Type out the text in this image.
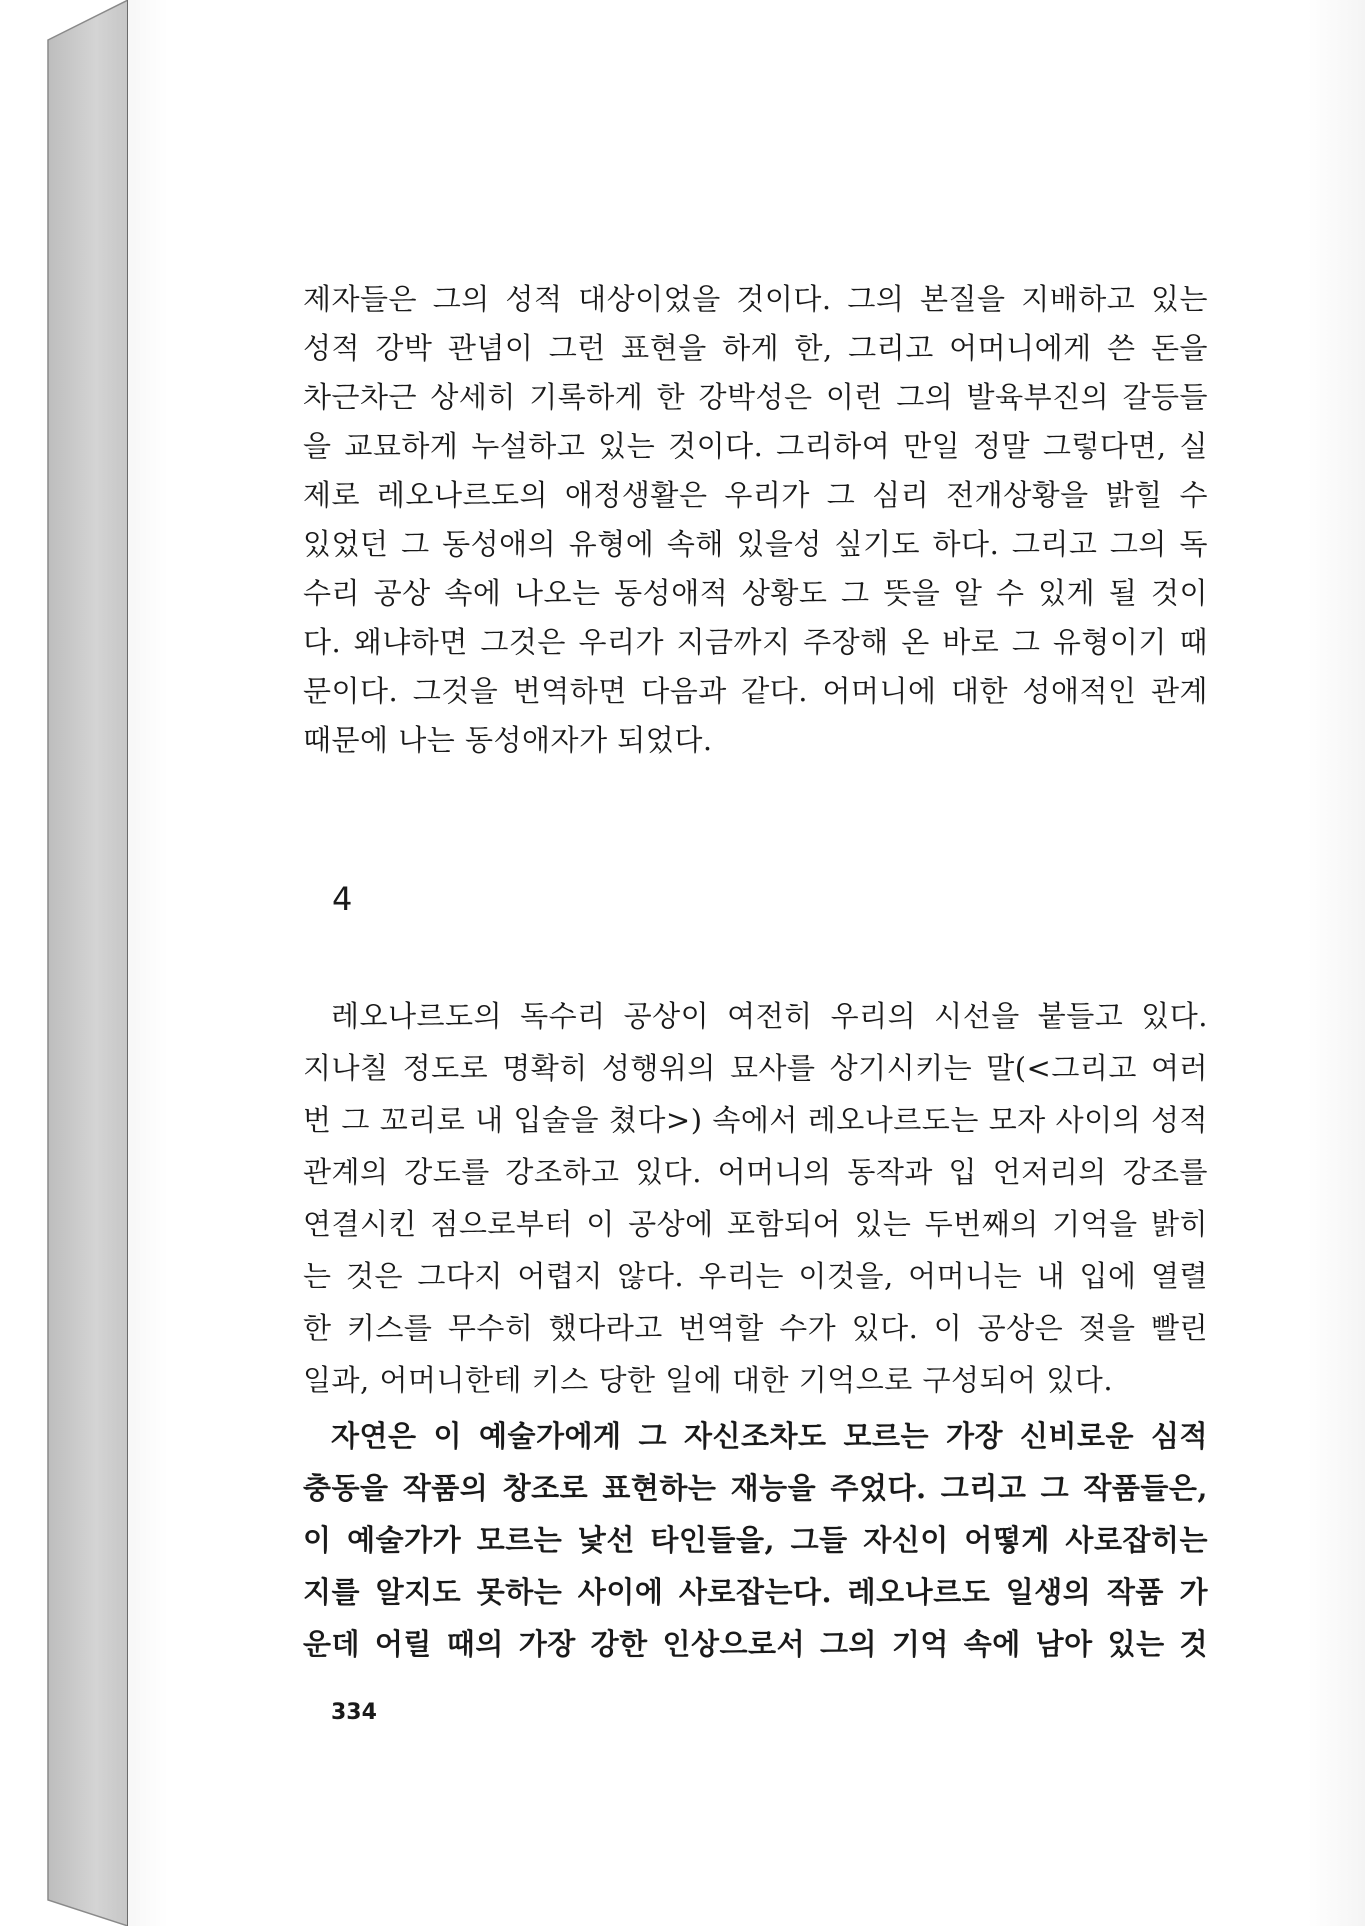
제자들은 그의 성적 대상이었을 것이다. 그의 본질을 지배하고 있는
성적 강박 관념이 그런 표현을 하게 한, 그리고 어머니에게 쓴 돈을
차근차근 상세히 기록하게 한 강박성은 이런 그의 발육부진의 갈등들
을 교묘하게 누설하고 있는 것이다. 그리하여 만일 정말 그렇다면, 실
제로 레오나르도의 애정생활은 우리가 그 심리 전개상황을 밝힐 수
있었던 그 동성애의 유형에 속해 있을성 싶기도 하다. 그리고 그의 독
수리 공상 속에 나오는 동성애적 상황도 그 뜻을 알 수 있게 될 것이
다. 왜냐하면 그것은 우리가 지금까지 주장해 온 바로 그 유형이기 때
문이다. 그것을 번역하면 다음과 같다. 어머니에 대한 성애적인 관계
때문에 나는 동성애자가 되었다.
4
레오나르도의 독수리 공상이 여전히 우리의 시선을 붙들고 있다.
지나칠 정도로 명확히 성행위의 묘사를 상기시키는 말(<그리고 여러
번 그 꼬리로 내 입술을 쳤다>) 속에서 레오나르도는 모자 사이의 성적
관계의 강도를 강조하고 있다. 어머니의 동작과 입 언저리의 강조를
연결시킨 점으로부터 이 공상에 포함되어 있는 두번째의 기억을 밝히
는 것은 그다지 어렵지 않다. 우리는 이것을, 어머니는 내 입에 열렬
한 키스를 무수히 했다라고 번역할 수가 있다. 이 공상은 젖을 빨린
일과, 어머니한테 키스 당한 일에 대한 기억으로 구성되어 있다.
자연은 이 예술가에게 그 자신조차도 모르는 가장 신비로운 심적
충동을 작품의 창조로 표현하는 재능을 주었다. 그리고 그 작품들은,
이 예술가가 모르는 낯선 타인들을, 그들 자신이 어떻게 사로잡히는
지를 알지도 못하는 사이에 사로잡는다. 레오나르도 일생의 작품 가
운데 어릴 때의 가장 강한 인상으로서 그의 기억 속에 남아 있는 것
334
